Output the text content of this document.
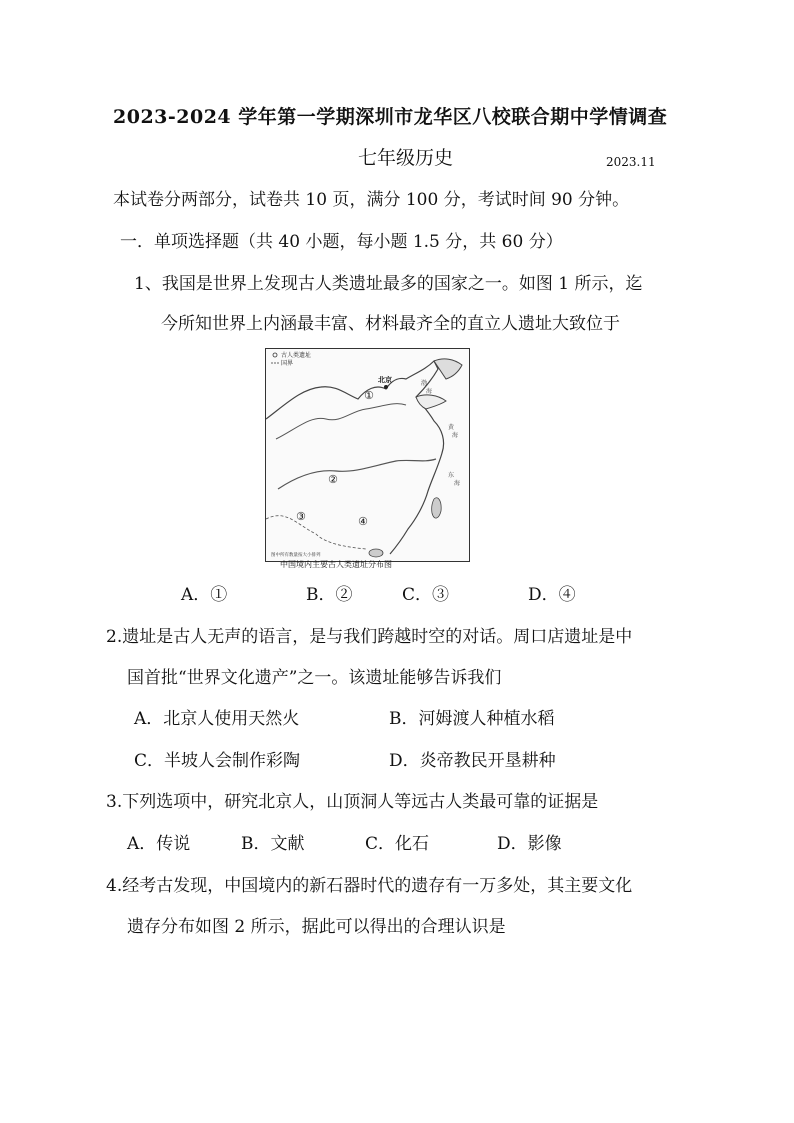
2023-2024 学年第一学期深圳市龙华区八校联合期中学情调查
七年级历史	2023.11
本试卷分两部分，试卷共 10 页，满分 100 分，考试时间 90 分钟。
一．单项选择题（共 40 小题，每小题 1.5 分，共 60 分）
1、我国是世界上发现古人类遗址最多的国家之一。如图 1 所示，迄
今所知世界上内涵最丰富、材料最齐全的直立人遗址大致位于
古人类遗址
国界
北京
①
②
③	④
渤
海
黄
海
东
海
图中所有数量按大小排列
中国境内主要古人类遗址分布图
A．①	B．②	C．③	D．④
2.遗址是古人无声的语言，是与我们跨越时空的对话。周口店遗址是中
国首批“世界文化遗产”之一。该遗址能够告诉我们
A．北京人使用天然火	B．河姆渡人种植水稻
C．半坡人会制作彩陶	D．炎帝教民开垦耕种
3.下列选项中，研究北京人，山顶洞人等远古人类最可靠的证据是
A．传说	B．文献	C．化石	D．影像
4.经考古发现，中国境内的新石器时代的遗存有一万多处，其主要文化
遗存分布如图 2 所示，据此可以得出的合理认识是
